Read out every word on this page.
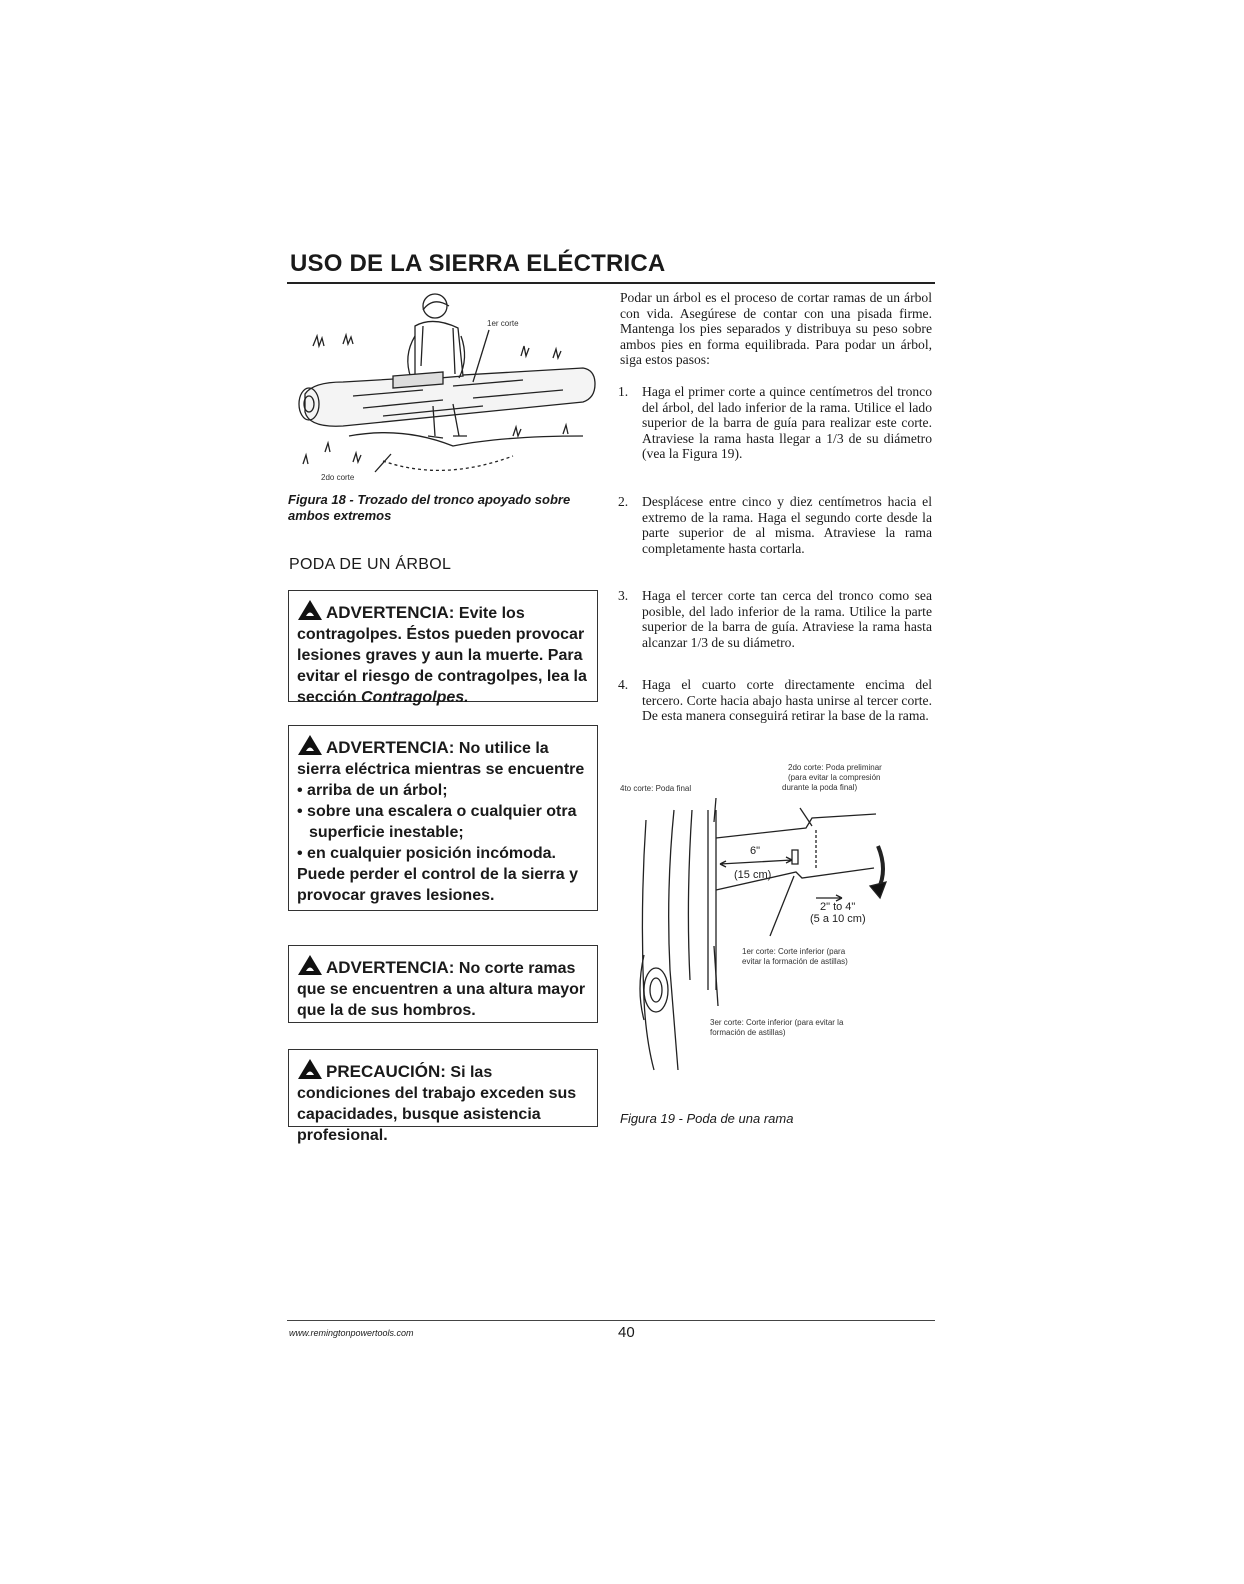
USO DE LA SIERRA ELÉCTRICA
1er corte
2do corte
Figura 18 - Trozado del tronco apoyado sobre ambos extremos
PODA DE UN ÁRBOL
ADVERTENCIA: Evite los contragolpes. Éstos pueden provocar lesiones graves y aun la muerte. Para evitar el riesgo de contragolpes, lea la sección Contragolpes.
ADVERTENCIA: No utilice la sierra eléctrica mientras se encuentre
• arriba de un árbol;
• sobre una escalera o cualquier otra superficie inestable;
• en cualquier posición incómoda.
Puede perder el control de la sierra y provocar graves lesiones.
ADVERTENCIA: No corte ramas que se encuentren a una altura mayor que la de sus hombros.
PRECAUCIÓN: Si las condiciones del trabajo exceden sus capacidades, busque asistencia profesional.
Podar un árbol es el proceso de cortar ramas de un árbol con vida. Asegúrese de contar con una pisada firme. Mantenga los pies separados y distribuya su peso sobre ambos pies en forma equilibrada. Para podar un árbol, siga estos pasos:
1. Haga el primer corte a quince centímetros del tronco del árbol, del lado inferior de la rama. Utilice el lado superior de la barra de guía para realizar este corte. Atraviese la rama hasta llegar a 1/3 de su diámetro (vea la Figura 19).
2. Desplácese entre cinco y diez centímetros hacia el extremo de la rama. Haga el segundo corte desde la parte superior de al misma. Atraviese la rama completamente hasta cortarla.
3. Haga el tercer corte tan cerca del tronco como sea posible, del lado inferior de la rama. Utilice la parte superior de la barra de guía. Atraviese la rama hasta alcanzar 1/3 de su diámetro.
4. Haga el cuarto corte directamente encima del tercero. Corte hacia abajo hasta unirse al tercer corte. De esta manera conseguirá retirar la base de la rama.
2do corte: Poda preliminar
(para evitar la compresión
durante la poda final)
4to corte: Poda final
6"
(15 cm)
2" to 4"
(5 a 10 cm)
1er corte: Corte inferior (para
evitar la formación de astillas)
3er corte: Corte inferior (para evitar la
formación de astillas)
Figura 19 - Poda de una rama
www.remingtonpowertools.com	40
